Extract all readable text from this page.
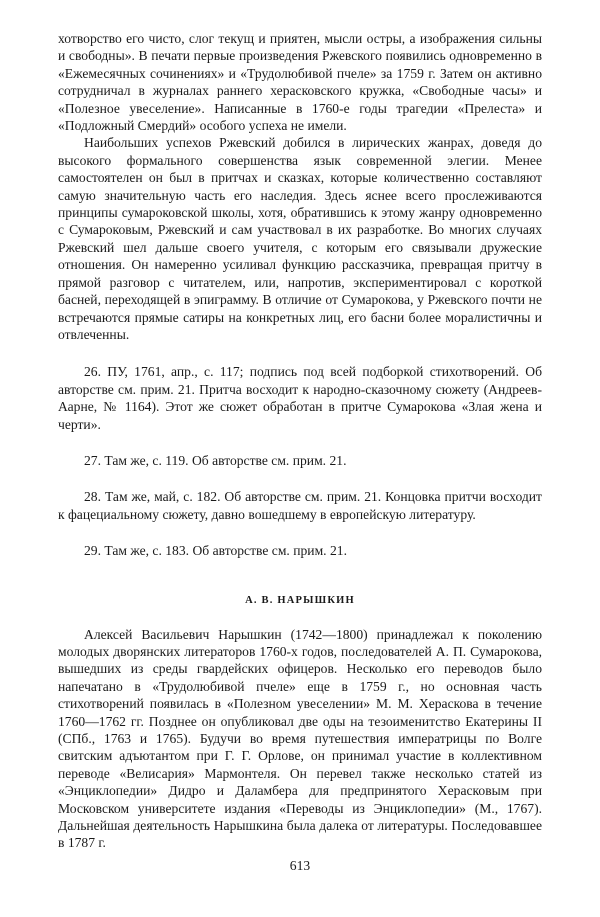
хотворство его чисто, слог текущ и приятен, мысли остры, а изображения сильны и свободны». В печати первые произведения Ржевского появились одновременно в «Ежемесячных сочинениях» и «Трудолюбивой пчеле» за 1759 г. Затем он активно сотрудничал в журналах раннего херасковского кружка, «Свободные часы» и «Полезное увеселение». Написанные в 1760-е годы трагедии «Прелеста» и «Подложный Смердий» особого успеха не имели.

Наибольших успехов Ржевский добился в лирических жанрах, доведя до высокого формального совершенства язык современной элегии. Менее самостоятелен он был в притчах и сказках, которые количественно составляют самую значительную часть его наследия. Здесь яснее всего прослеживаются принципы сумароковской школы, хотя, обратившись к этому жанру одновременно с Сумароковым, Ржевский и сам участвовал в их разработке. Во многих случаях Ржевский шел дальше своего учителя, с которым его связывали дружеские отношения. Он намеренно усиливал функцию рассказчика, превращая притчу в прямой разговор с читателем, или, напротив, экспериментировал с короткой басней, переходящей в эпиграмму. В отличие от Сумарокова, у Ржевского почти не встречаются прямые сатиры на конкретных лиц, его басни более моралистичны и отвлеченны.

26. ПУ, 1761, апр., с. 117; подпись под всей подборкой стихотворений. Об авторстве см. прим. 21. Притча восходит к народно-сказочному сюжету (Андреев-Аарне, № 1164). Этот же сюжет обработан в притче Сумарокова «Злая жена и черти».

27. Там же, с. 119. Об авторстве см. прим. 21.

28. Там же, май, с. 182. Об авторстве см. прим. 21. Концовка притчи восходит к фацециальному сюжету, давно вошедшему в европейскую литературу.

29. Там же, с. 183. Об авторстве см. прим. 21.

А. В. НАРЫШКИН

Алексей Васильевич Нарышкин (1742—1800) принадлежал к поколению молодых дворянских литераторов 1760-х годов, последователей А. П. Сумарокова, вышедших из среды гвардейских офицеров. Несколько его переводов было напечатано в «Трудолюбивой пчеле» еще в 1759 г., но основная часть стихотворений появилась в «Полезном увеселении» М. М. Хераскова в течение 1760—1762 гг. Позднее он опубликовал две оды на тезоименитство Екатерины II (СПб., 1763 и 1765). Будучи во время путешествия императрицы по Волге свитским адъютантом при Г. Г. Орлове, он принимал участие в коллективном переводе «Велисария» Мармонтеля. Он перевел также несколько статей из «Энциклопедии» Дидро и Даламбера для предпринятого Херасковым при Московском университете издания «Переводы из Энциклопедии» (М., 1767). Дальнейшая деятельность Нарышкина была далека от литературы. Последовавшее в 1787 г.

613
